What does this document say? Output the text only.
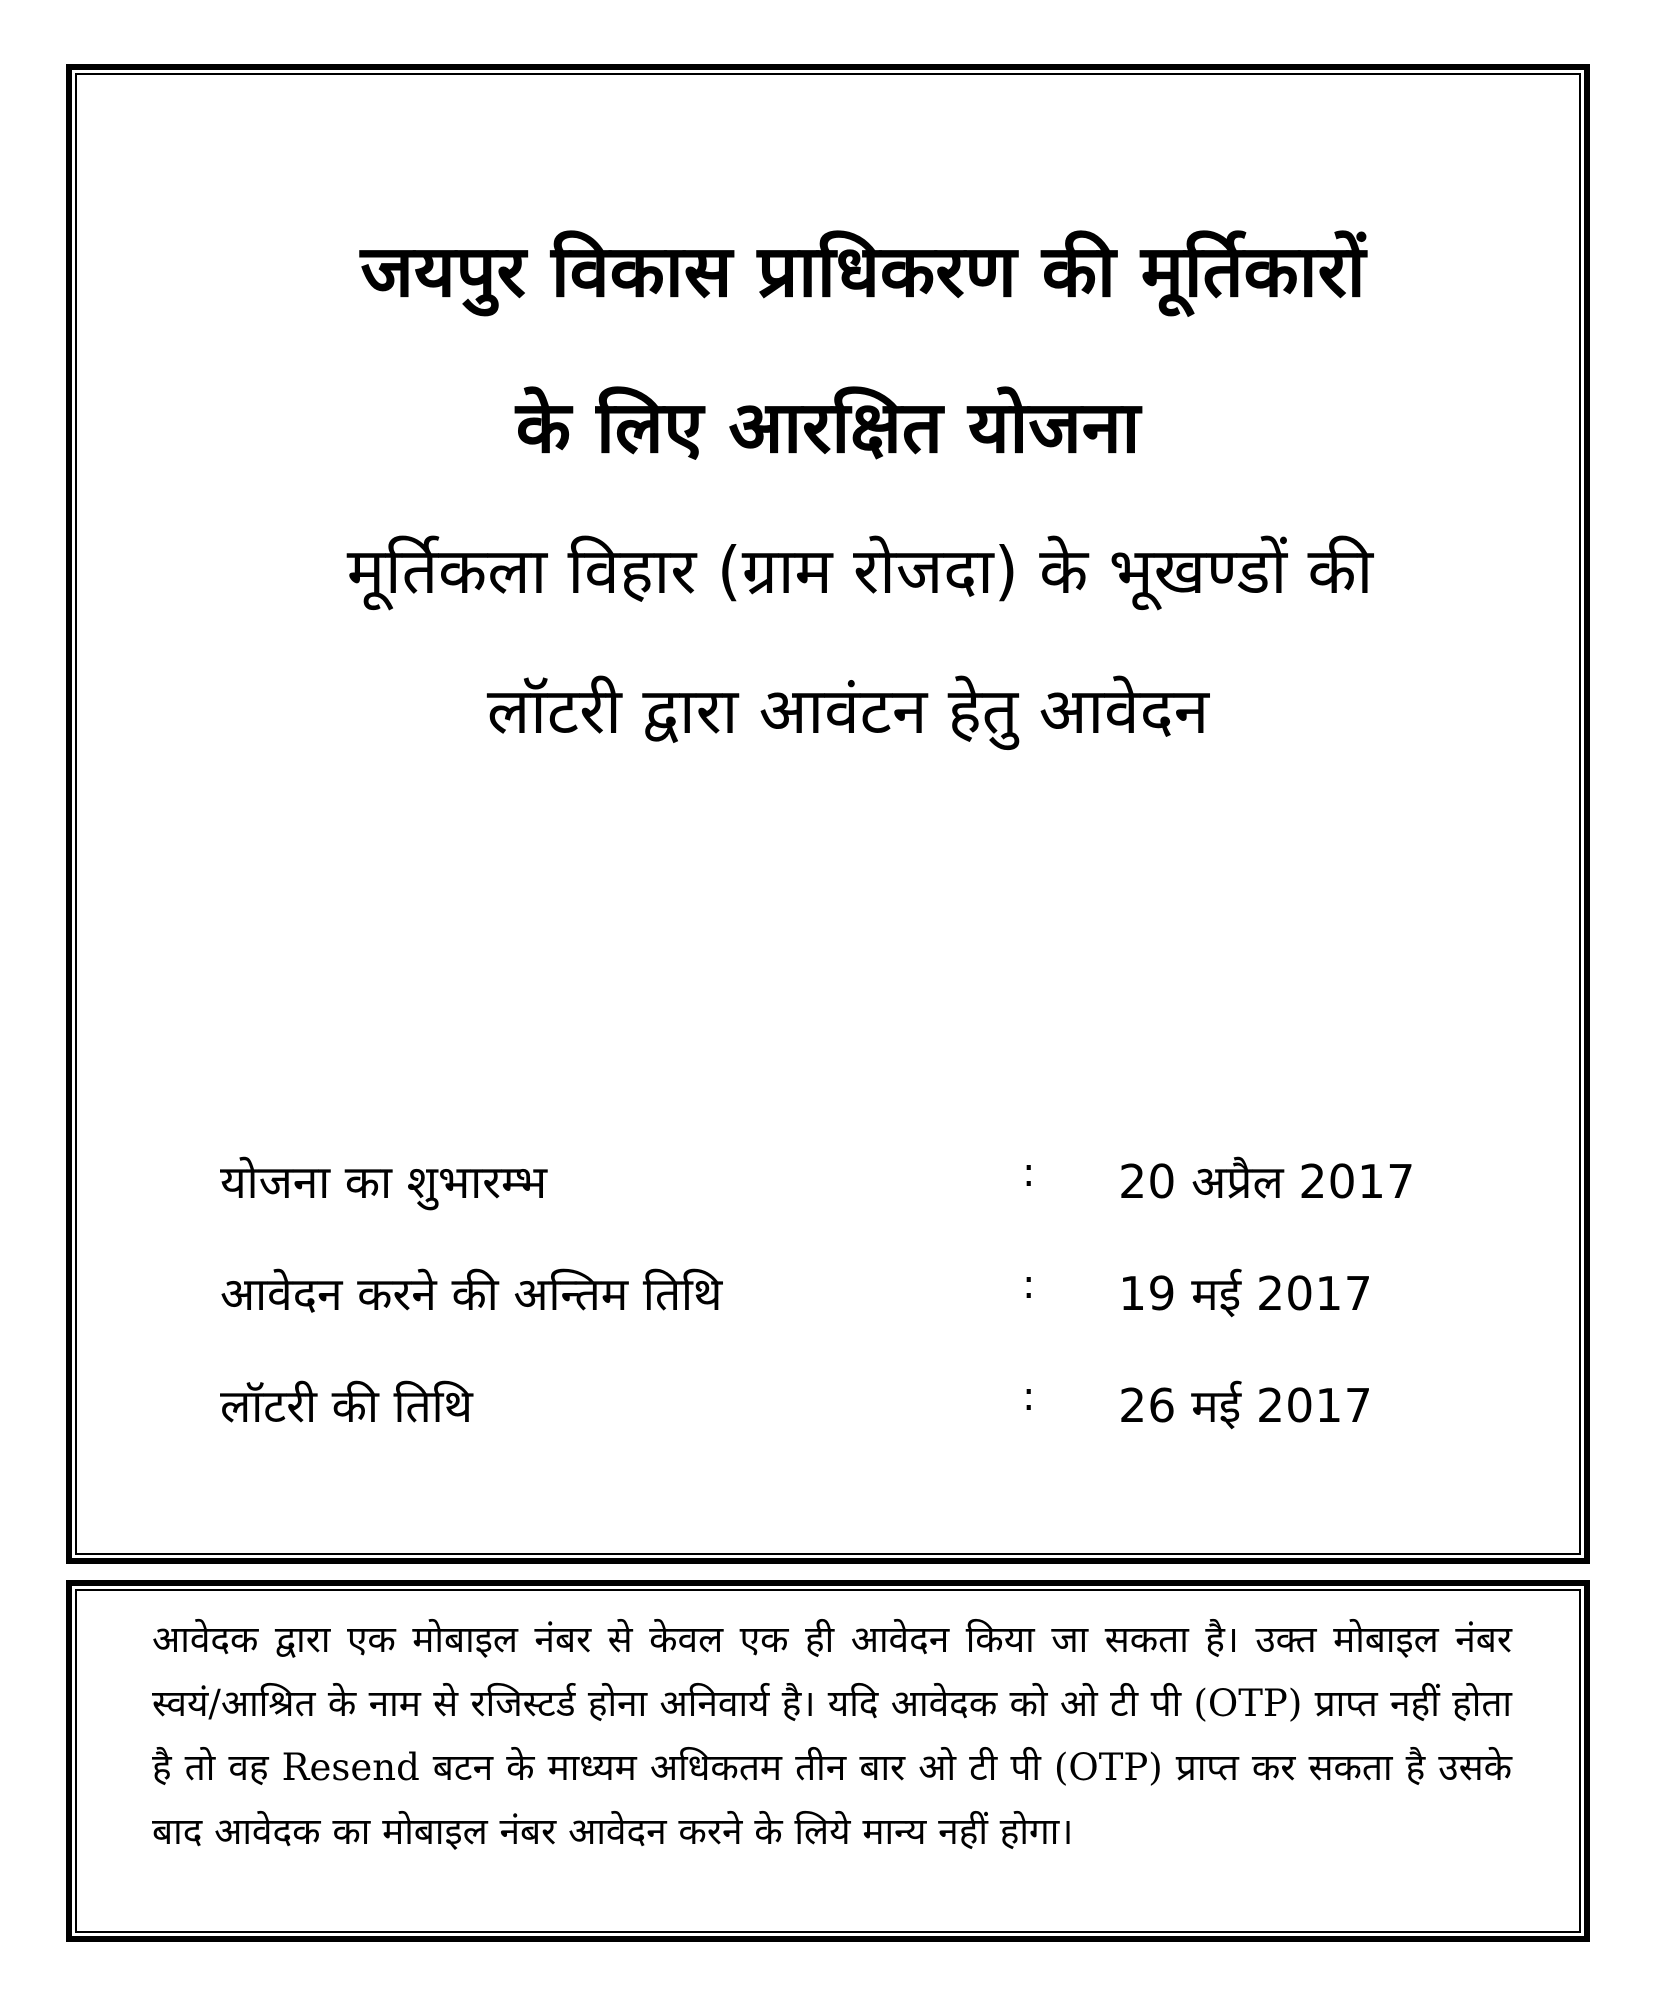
जयपुर विकास प्राधिकरण की मूर्तिकारों
के लिए आरक्षित योजना
मूर्तिकला विहार (ग्राम रोजदा) के भूखण्डों की
लॉटरी द्वारा आवंटन हेतु आवेदन
योजना का शुभारम्भ	: 20 अप्रैल 2017
आवेदन करने की अन्तिम तिथि	: 19 मई 2017
लॉटरी की तिथि	: 26 मई 2017
आवेदक द्वारा एक मोबाइल नंबर से केवल एक ही आवेदन किया जा सकता है। उक्त मोबाइल नंबर स्वयं/आश्रित के नाम से रजिस्टर्ड होना अनिवार्य है। यदि आवेदक को ओ टी पी (OTP) प्राप्त नहीं होता है तो वह Resend बटन के माध्यम अधिकतम तीन बार ओ टी पी (OTP) प्राप्त कर सकता है उसके बाद आवेदक का मोबाइल नंबर आवेदन करने के लिये मान्य नहीं होगा।
